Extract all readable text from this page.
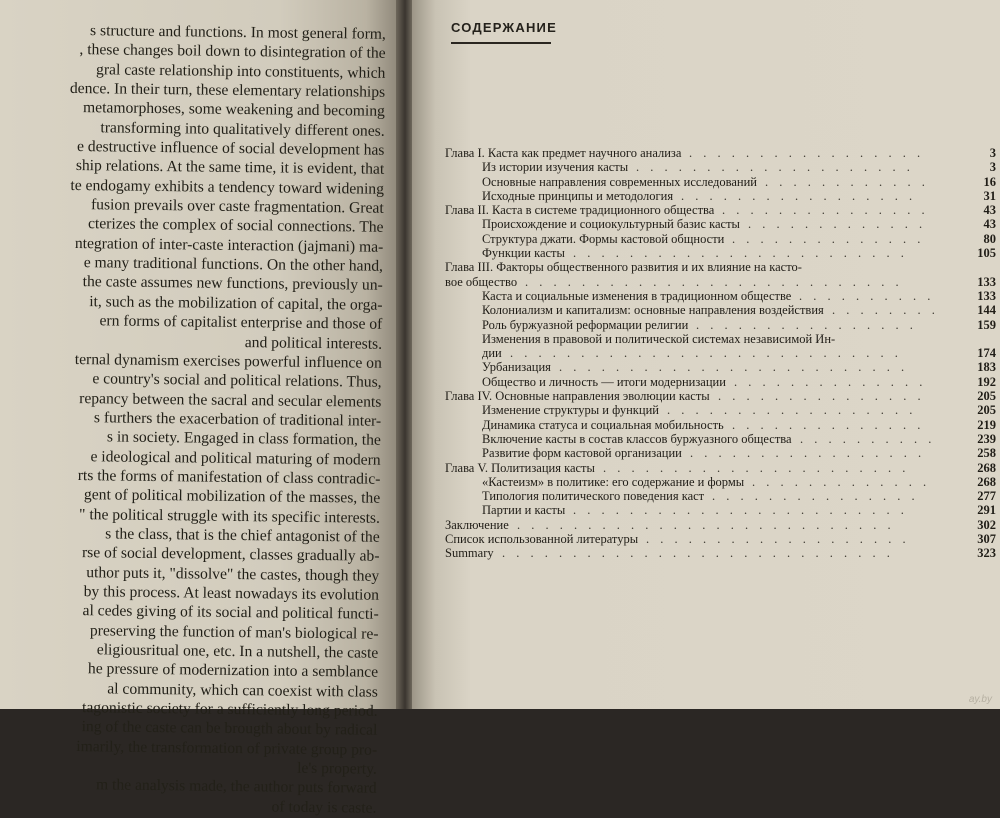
s structure and functions. In most general form,
, these changes boil down to disintegration of the
gral caste relationship into constituents, which
dence. In their turn, these elementary relationships
metamorphoses, some weakening and becoming
transforming into qualitatively different ones.
e destructive influence of social development has
ship relations. At the same time, it is evident, that
te endogamy exhibits a tendency toward widening
fusion prevails over caste fragmentation. Great
cterizes the complex of social connections. The
ntegration of inter-caste interaction (jajmani) ma-
e many traditional functions. On the other hand,
the caste assumes new functions, previously un-
it, such as the mobilization of capital, the orga-
ern forms of capitalist enterprise and those of
and political interests.
ternal dynamism exercises powerful influence on
e country's social and political relations. Thus,
repancy between the sacral and secular elements
s furthers the exacerbation of traditional inter-
s in society. Engaged in class formation, the
e ideological and political maturing of modern
rts the forms of manifestation of class contradic-
gent of political mobilization of the masses, the
" the political struggle with its specific interests.
s the class, that is the chief antagonist of the
rse of social development, classes gradually ab-
uthor puts it, "dissolve" the castes, though they
by this process. At least nowadays its evolution
al cedes giving of its social and political functi-
preserving the function of man's biological re-
eligiousritual one, etc. In a nutshell, the caste
he pressure of modernization into a semblance
al community, which can coexist with class
tagonistic society for a sufficiently long period.
ing of the caste can be brougth about by radical
imarily, the transformation of private group pro-
le's property.
m the analysis made, the author puts forward
of today is caste.
СОДЕРЖАНИЕ
Глава I. Каста как предмет научного анализа	3
. . . . . . . . . . . . . . . . .
Из истории изучения касты	3
. . . . . . . . . . . . . . . . . . . .
Основные направления современных исследований	16
. . . . . . . . . . . .
Исходные принципы и методология	31
. . . . . . . . . . . . . . . . .
Глава II. Каста в системе традиционного общества	43
. . . . . . . . . . . . . . .
Происхождение и социокультурный базис касты	43
. . . . . . . . . . . . .
Структура джати. Формы кастовой общности	80
. . . . . . . . . . . . . .
Функции касты	105
. . . . . . . . . . . . . . . . . . . . . . . .
Глава III. Факторы общественного развития и их влияние на касто-
вое общество	133
. . . . . . . . . . . . . . . . . . . . . . . . . . .
Каста и социальные изменения в традиционном обществе	133
. . . . . . . . . .
Колониализм и капитализм: основные направления воздействия	144
. . . . . . . .
Роль буржуазной реформации религии	159
. . . . . . . . . . . . . . . .
Изменения в правовой и политической системах независимой Ин-
дии	174
. . . . . . . . . . . . . . . . . . . . . . . . . . . .
Урбанизация	183
. . . . . . . . . . . . . . . . . . . . . . . . .
Общество и личность — итоги модернизации	192
. . . . . . . . . . . . . .
Глава IV. Основные направления эволюции касты	205
. . . . . . . . . . . . . . .
Изменение структуры и функций	205
. . . . . . . . . . . . . . . . . .
Динамика статуса и социальная мобильность	219
. . . . . . . . . . . . . .
Включение касты в состав классов буржуазного общества	239
. . . . . . . . . .
Развитие форм кастовой организации	258
. . . . . . . . . . . . . . . . .
Глава V. Политизация касты	268
. . . . . . . . . . . . . . . . . . . . . .
«Кастеизм» в политике: его содержание и формы	268
. . . . . . . . . . . . .
Типология политического поведения каст	277
. . . . . . . . . . . . . . .
Партии и касты	291
. . . . . . . . . . . . . . . . . . . . . . . .
Заключение	302
. . . . . . . . . . . . . . . . . . . . . . . . . . .
Список использованной литературы	307
. . . . . . . . . . . . . . . . . . .
Summary	323
. . . . . . . . . . . . . . . . . . . . . . . . . . . .
ay.by
